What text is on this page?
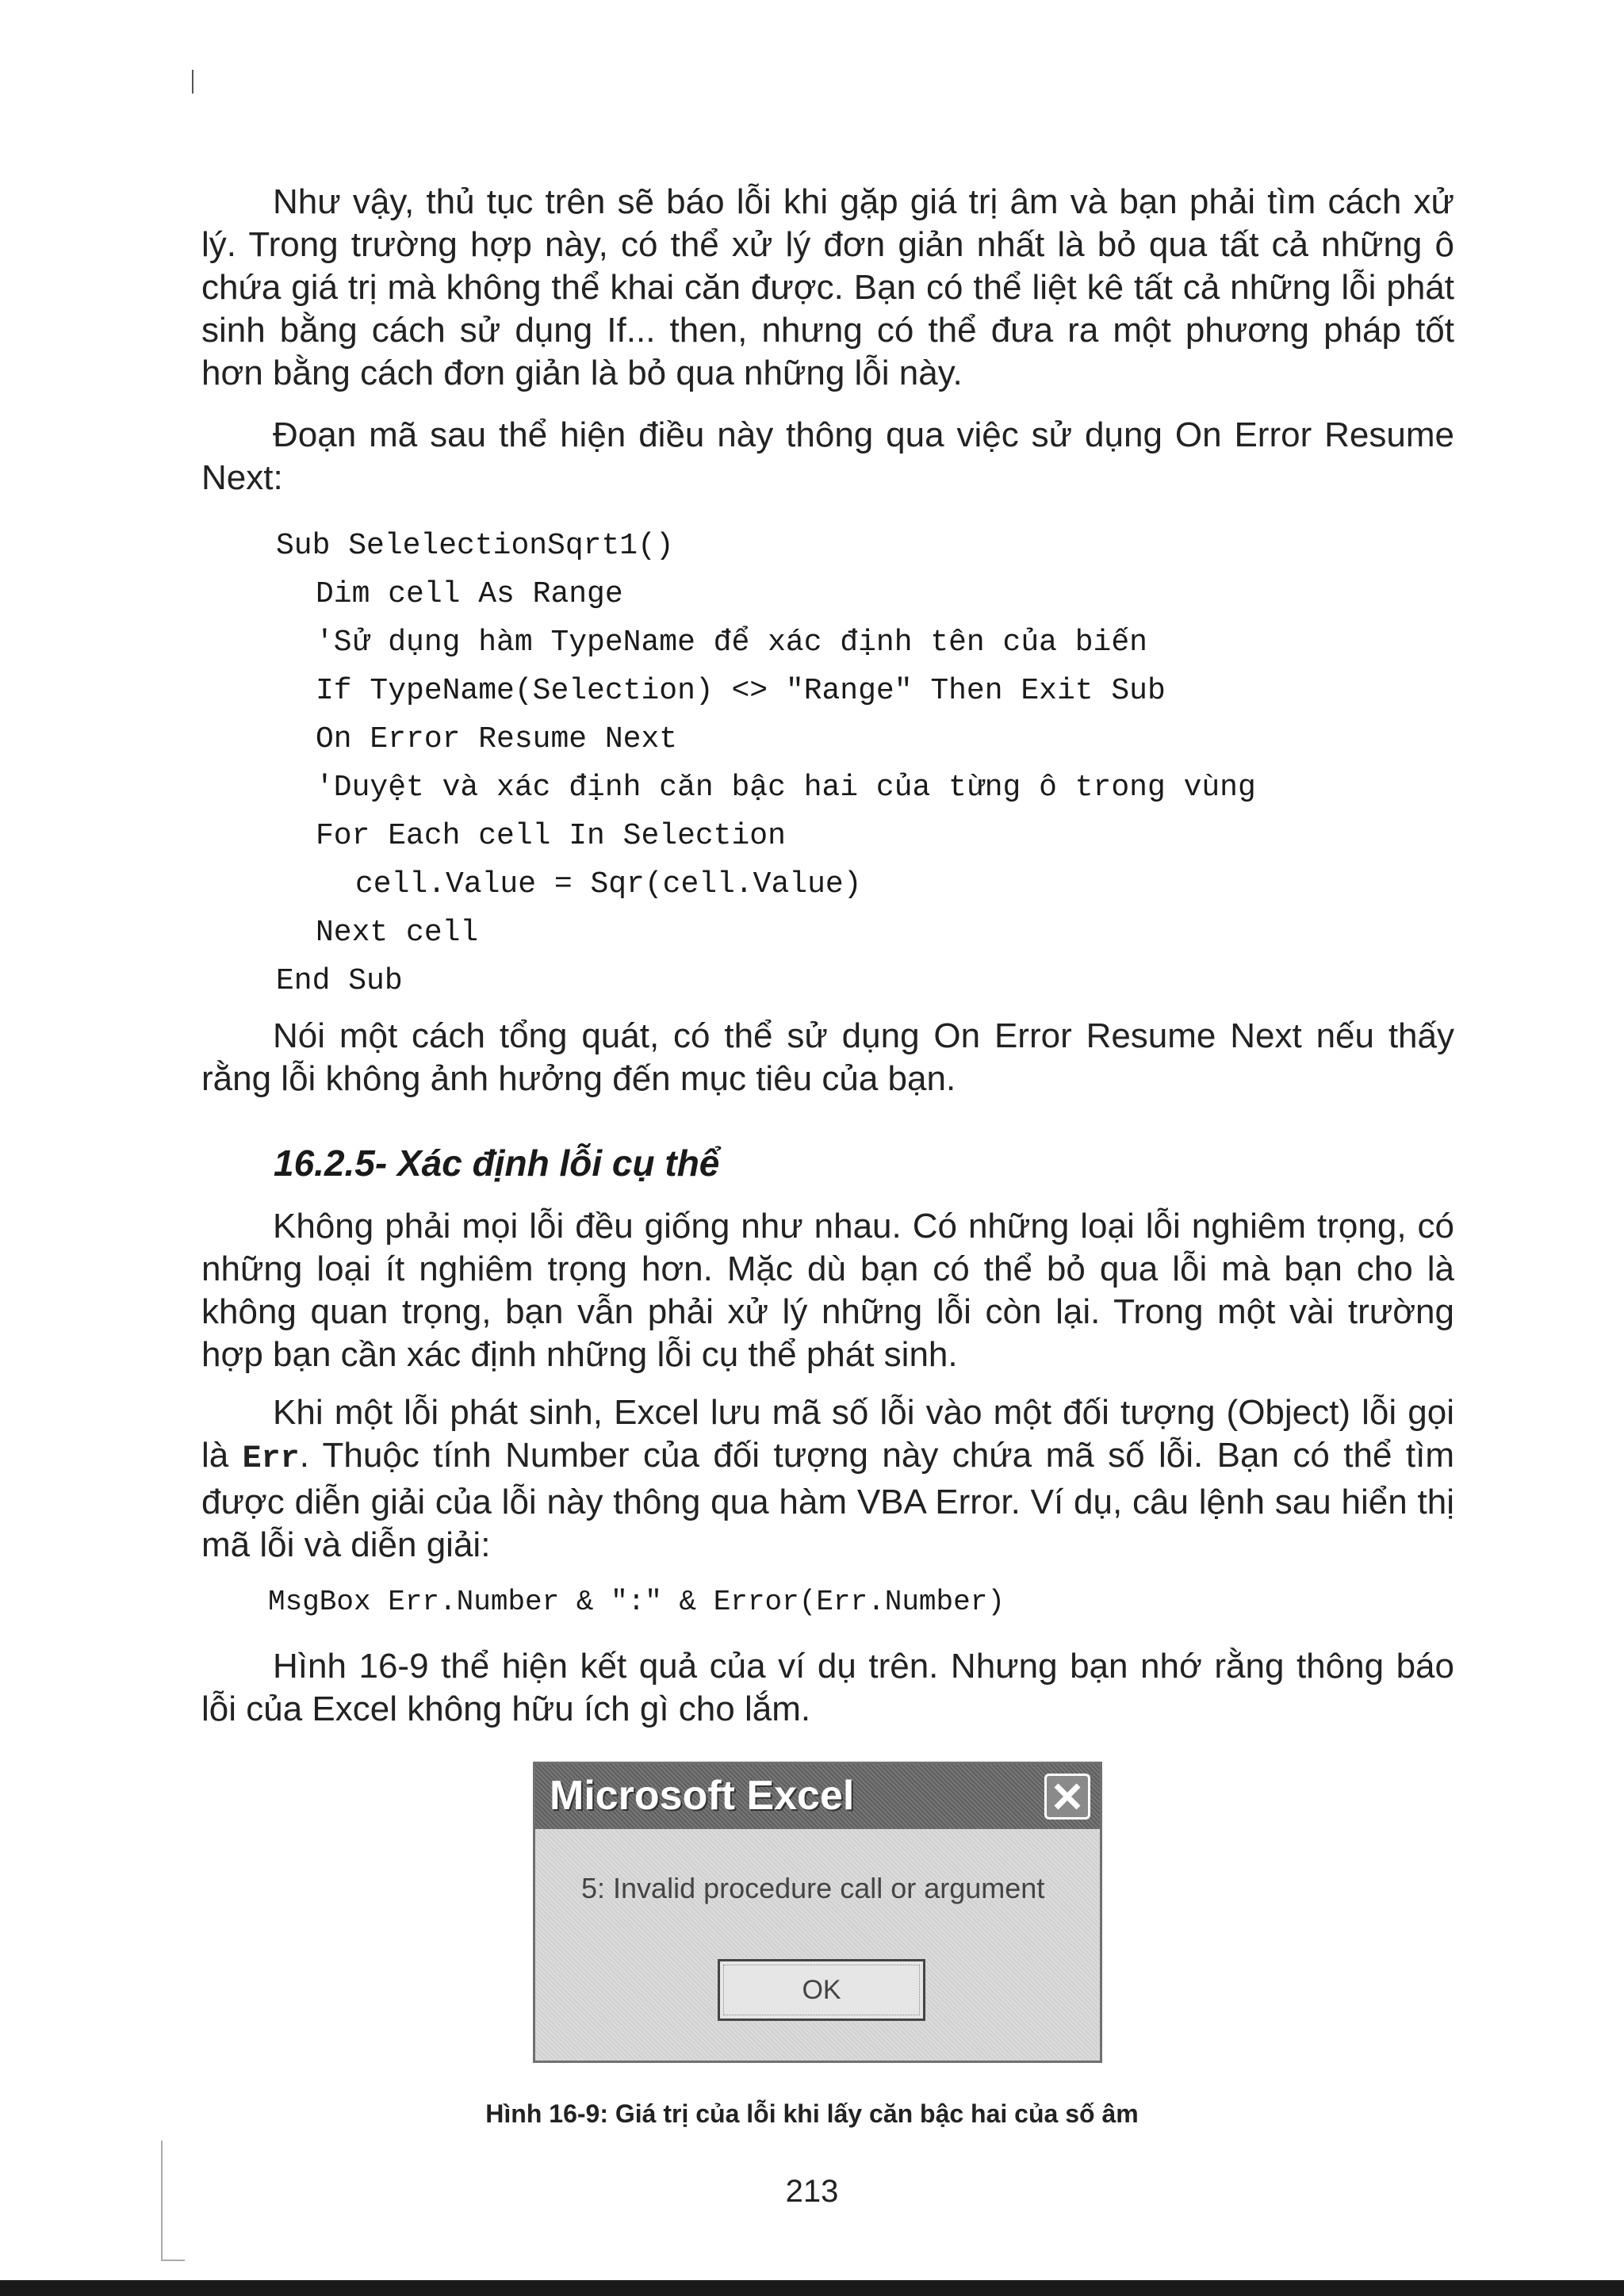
Như vậy, thủ tục trên sẽ báo lỗi khi gặp giá trị âm và bạn phải tìm cách xử lý. Trong trường hợp này, có thể xử lý đơn giản nhất là bỏ qua tất cả những ô chứa giá trị mà không thể khai căn được. Bạn có thể liệt kê tất cả những lỗi phát sinh bằng cách sử dụng If... then, nhưng có thể đưa ra một phương pháp tốt hơn bằng cách đơn giản là bỏ qua những lỗi này.

Đoạn mã sau thể hiện điều này thông qua việc sử dụng On Error Resume Next:

Sub SelelectionSqrt1()
Dim cell As Range
'Sử dụng hàm TypeName để xác định tên của biến
If TypeName(Selection) <> "Range" Then Exit Sub
On Error Resume Next
'Duyệt và xác định căn bậc hai của từng ô trong vùng
For Each cell In Selection
cell.Value = Sqr(cell.Value)
Next cell
End Sub

Nói một cách tổng quát, có thể sử dụng On Error Resume Next nếu thấy rằng lỗi không ảnh hưởng đến mục tiêu của bạn.

16.2.5- Xác định lỗi cụ thể

Không phải mọi lỗi đều giống như nhau. Có những loại lỗi nghiêm trọng, có những loại ít nghiêm trọng hơn. Mặc dù bạn có thể bỏ qua lỗi mà bạn cho là không quan trọng, bạn vẫn phải xử lý những lỗi còn lại. Trong một vài trường hợp bạn cần xác định những lỗi cụ thể phát sinh.

Khi một lỗi phát sinh, Excel lưu mã số lỗi vào một đối tượng (Object) lỗi gọi là Err. Thuộc tính Number của đối tượng này chứa mã số lỗi. Bạn có thể tìm được diễn giải của lỗi này thông qua hàm VBA Error. Ví dụ, câu lệnh sau hiển thị mã lỗi và diễn giải:

MsgBox Err.Number & ":" & Error(Err.Number)

Hình 16-9 thể hiện kết quả của ví dụ trên. Nhưng bạn nhớ rằng thông báo lỗi của Excel không hữu ích gì cho lắm.

Microsoft Excel
5: Invalid procedure call or argument
OK
Hình 16-9: Giá trị của lỗi khi lấy căn bậc hai của số âm
213
